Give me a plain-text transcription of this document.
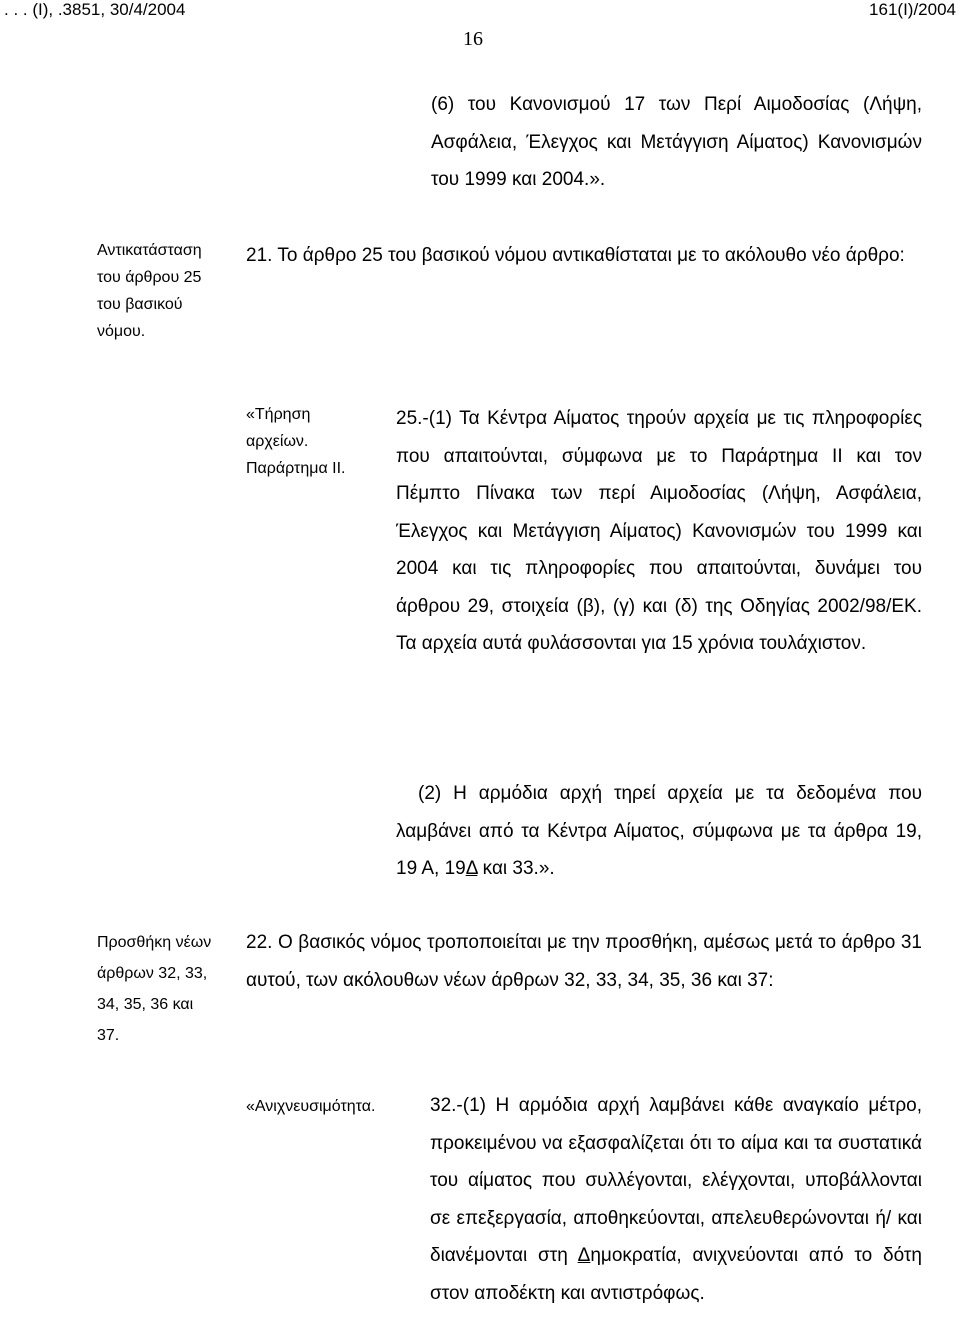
. . . (Ι), .3851, 30/4/2004	161(Ι)/2004
16
(6) του Κανονισμού 17 των Περί Αιμοδοσίας (Λήψη, Ασφάλεια, Έλεγχος και Μετάγγιση Αίματος) Κανονισμών του 1999 και 2004.».
Αντικατάσταση
του άρθρου 25
του βασικού
νόμου.
21. Το άρθρο 25 του βασικού νόμου αντικαθίσταται με το ακόλουθο νέο άρθρο:
«Τήρηση
αρχείων.
Παράρτημα ΙΙ.
25.-(1) Τα Κέντρα Αίματος τηρούν αρχεία με τις πληροφορίες που απαιτούνται, σύμφωνα με το Παράρτημα ΙΙ και τον Πέμπτο Πίνακα των περί Αιμοδοσίας (Λήψη, Ασφάλεια, Έλεγχος και Μετάγγιση Αίματος) Κανονισμών του 1999 και 2004 και τις πληροφορίες που απαιτούνται, δυνάμει του άρθρου 29, στοιχεία (β), (γ) και (δ) της Οδηγίας 2002/98/ΕΚ. Τα αρχεία αυτά φυλάσσονται για 15 χρόνια τουλάχιστον.
(2) Η αρμόδια αρχή τηρεί αρχεία με τα δεδομένα που λαμβάνει από τα Κέντρα Αίματος, σύμφωνα με τα άρθρα 19, 19 Α, 19Δ και 33.».
Προσθήκη νέων
άρθρων 32, 33,
34, 35, 36 και
37.
22. Ο βασικός νόμος τροποποιείται με την προσθήκη, αμέσως μετά το άρθρο 31 αυτού, των ακόλουθων νέων άρθρων 32, 33, 34, 35, 36 και 37:
«Ανιχνευσιμότητα.	32.-(1) Η αρμόδια αρχή λαμβάνει κάθε αναγκαίο μέτρο, προκειμένου να εξασφαλίζεται ότι το αίμα και τα συστατικά του αίματος που συλλέγονται, ελέγχονται, υποβάλλονται σε επεξεργασία, αποθηκεύονται, απελευθερώνονται ή/ και διανέμονται στη Δημοκρατία, ανιχνεύονται από το δότη στον αποδέκτη και αντιστρόφως.
